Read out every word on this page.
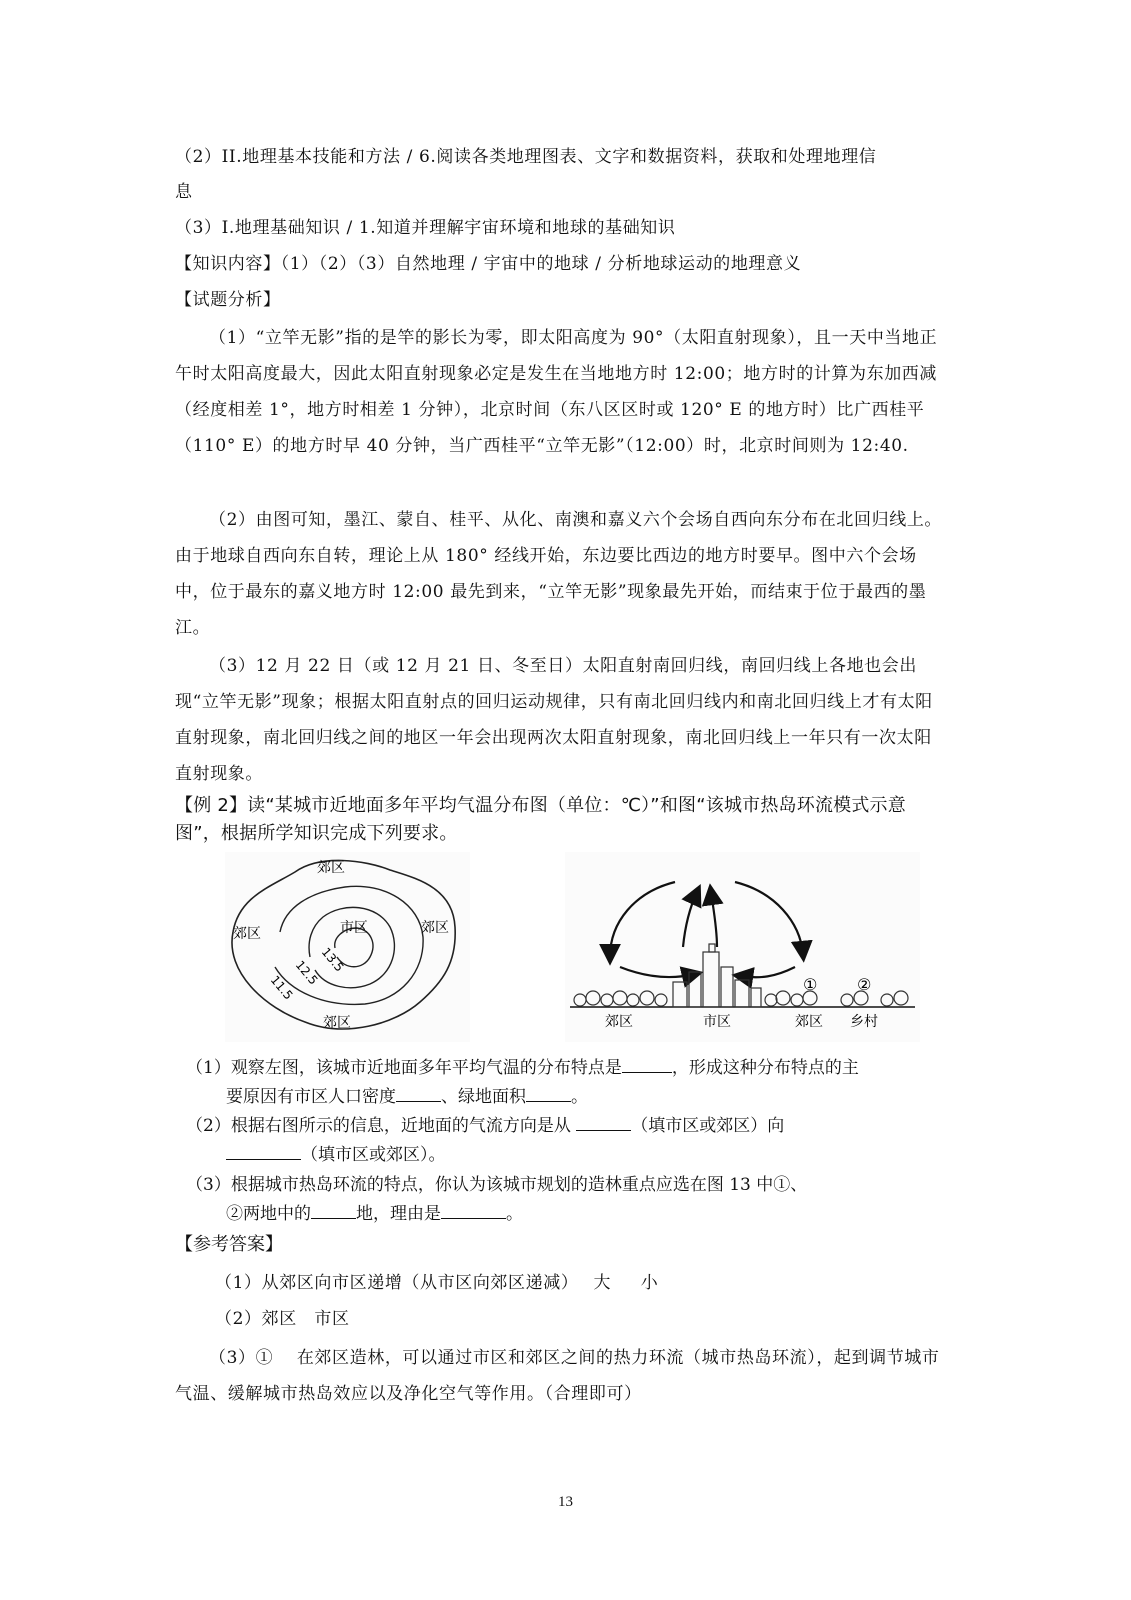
（2）II.地理基本技能和方法 / 6.阅读各类地理图表、文字和数据资料，获取和处理地理信
息
（3）I.地理基础知识 / 1.知道并理解宇宙环境和地球的基础知识
【知识内容】（1）（2）（3）自然地理 / 宇宙中的地球 / 分析地球运动的地理意义
【试题分析】
（1）“立竿无影”指的是竿的影长为零，即太阳高度为 90°（太阳直射现象），且一天中当地正午时太阳高度最大，因此太阳直射现象必定是发生在当地地方时 12:00；地方时的计算为东加西减（经度相差 1°，地方时相差 1 分钟），北京时间（东八区区时或 120° E 的地方时）比广西桂平（110° E）的地方时早 40 分钟，当广西桂平“立竿无影”（12:00）时，北京时间则为 12:40.
（2）由图可知，墨江、蒙自、桂平、从化、南澳和嘉义六个会场自西向东分布在北回归线上。由于地球自西向东自转，理论上从 180° 经线开始，东边要比西边的地方时要早。图中六个会场中，位于最东的嘉义地方时 12:00 最先到来，“立竿无影”现象最先开始，而结束于位于最西的墨江。
（3）12 月 22 日（或 12 月 21 日、冬至日）太阳直射南回归线，南回归线上各地也会出现“立竿无影”现象；根据太阳直射点的回归运动规律，只有南北回归线内和南北回归线上才有太阳直射现象，南北回归线之间的地区一年会出现两次太阳直射现象，南北回归线上一年只有一次太阳直射现象。
【例 2】读“某城市近地面多年平均气温分布图（单位：℃）”和图“该城市热岛环流模式示意图”，根据所学知识完成下列要求。
郊区
郊区	郊区
郊区
市区
13.5
12.5
11.5	① ②
郊区	市区	郊区 乡村
（1）观察左图，该城市近地面多年平均气温的分布特点是	，形成这种分布特点的主
要原因有市区人口密度	、绿地面积	。
（2）根据右图所示的信息，近地面的气流方向是从	（填市区或郊区）向
（填市区或郊区）。
（3）根据城市热岛环流的特点，你认为该城市规划的造林重点应选在图 13 中①、
②两地中的	地，理由是	。
【参考答案】
（1）从郊区向市区递增（从市区向郊区递减）　 大 　 小
（2）郊区　市区
（3）①　 在郊区造林，可以通过市区和郊区之间的热力环流（城市热岛环流），起到调节城市气温、缓解城市热岛效应以及净化空气等作用。（合理即可）
13
